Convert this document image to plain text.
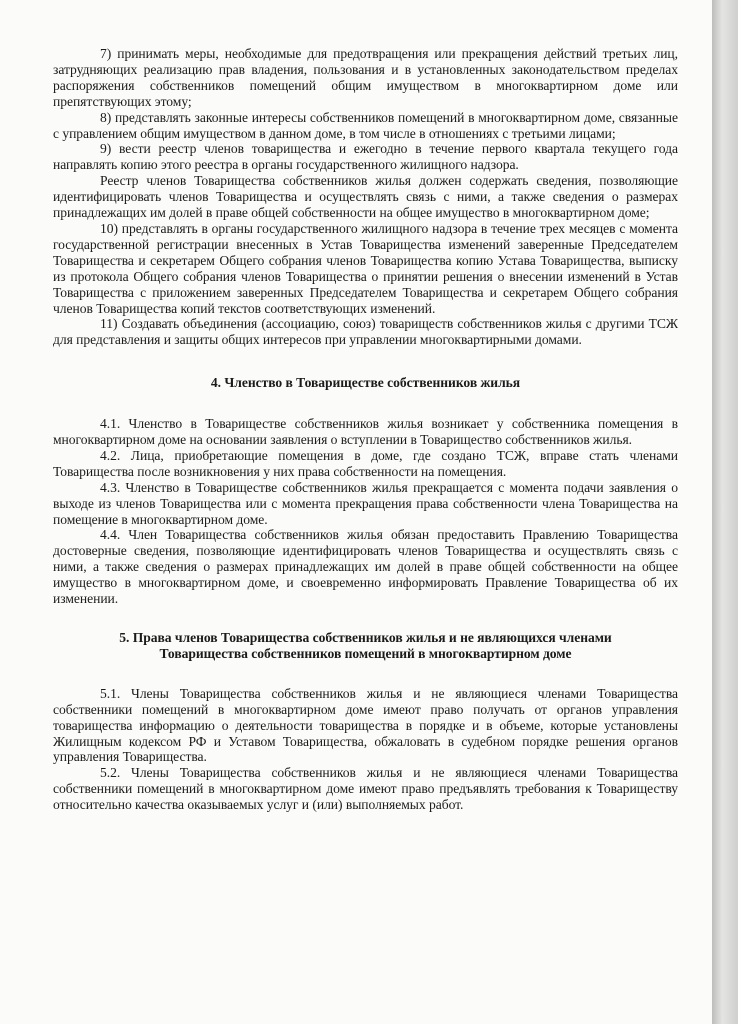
7) принимать меры, необходимые для предотвращения или прекращения действий третьих лиц, затрудняющих реализацию прав владения, пользования и в установленных законодательством пределах распоряжения собственников помещений общим имуществом в многоквартирном доме или препятствующих этому;

8) представлять законные интересы собственников помещений в многоквартирном доме, связанные с управлением общим имуществом в данном доме, в том числе в отношениях с третьими лицами;

9) вести реестр членов товарищества и ежегодно в течение первого квартала текущего года направлять копию этого реестра в органы государственного жилищного надзора.

Реестр членов Товарищества собственников жилья должен содержать сведения, позволяющие идентифицировать членов Товарищества и осуществлять связь с ними, а также сведения о размерах принадлежащих им долей в праве общей собственности на общее имущество в многоквартирном доме;

10) представлять в органы государственного жилищного надзора в течение трех месяцев с момента государственной регистрации внесенных в Устав Товарищества изменений заверенные Председателем Товарищества и секретарем Общего собрания членов Товарищества копию Устава Товарищества, выписку из протокола Общего собрания членов Товарищества о принятии решения о внесении изменений в Устав Товарищества с приложением заверенных Председателем Товарищества и секретарем Общего собрания членов Товарищества копий текстов соответствующих изменений.

11) Создавать объединения (ассоциацию, союз) товариществ собственников жилья с другими ТСЖ для представления и защиты общих интересов при управлении многоквартирными домами.

4. Членство в Товариществе собственников жилья

4.1. Членство в Товариществе собственников жилья возникает у собственника помещения в многоквартирном доме на основании заявления о вступлении в Товарищество собственников жилья.

4.2. Лица, приобретающие помещения в доме, где создано ТСЖ, вправе стать членами Товарищества после возникновения у них права собственности на помещения.

4.3. Членство в Товариществе собственников жилья прекращается с момента подачи заявления о выходе из членов Товарищества или с момента прекращения права собственности члена Товарищества на помещение в многоквартирном доме.

4.4. Член Товарищества собственников жилья обязан предоставить Правлению Товарищества достоверные сведения, позволяющие идентифицировать членов Товарищества и осуществлять связь с ними, а также сведения о размерах принадлежащих им долей в праве общей собственности на общее имущество в многоквартирном доме, и своевременно информировать Правление Товарищества об их изменении.

5. Права членов Товарищества собственников жилья и не являющихся членами

Товарищества собственников помещений в многоквартирном доме

5.1. Члены Товарищества собственников жилья и не являющиеся членами Товарищества собственники помещений в многоквартирном доме имеют право получать от органов управления товарищества информацию о деятельности товарищества в порядке и в объеме, которые установлены Жилищным кодексом РФ и Уставом Товарищества, обжаловать в судебном порядке решения органов управления Товарищества.

5.2. Члены Товарищества собственников жилья и не являющиеся членами Товарищества собственники помещений в многоквартирном доме имеют право предъявлять требования к Товариществу относительно качества оказываемых услуг и (или) выполняемых работ.
